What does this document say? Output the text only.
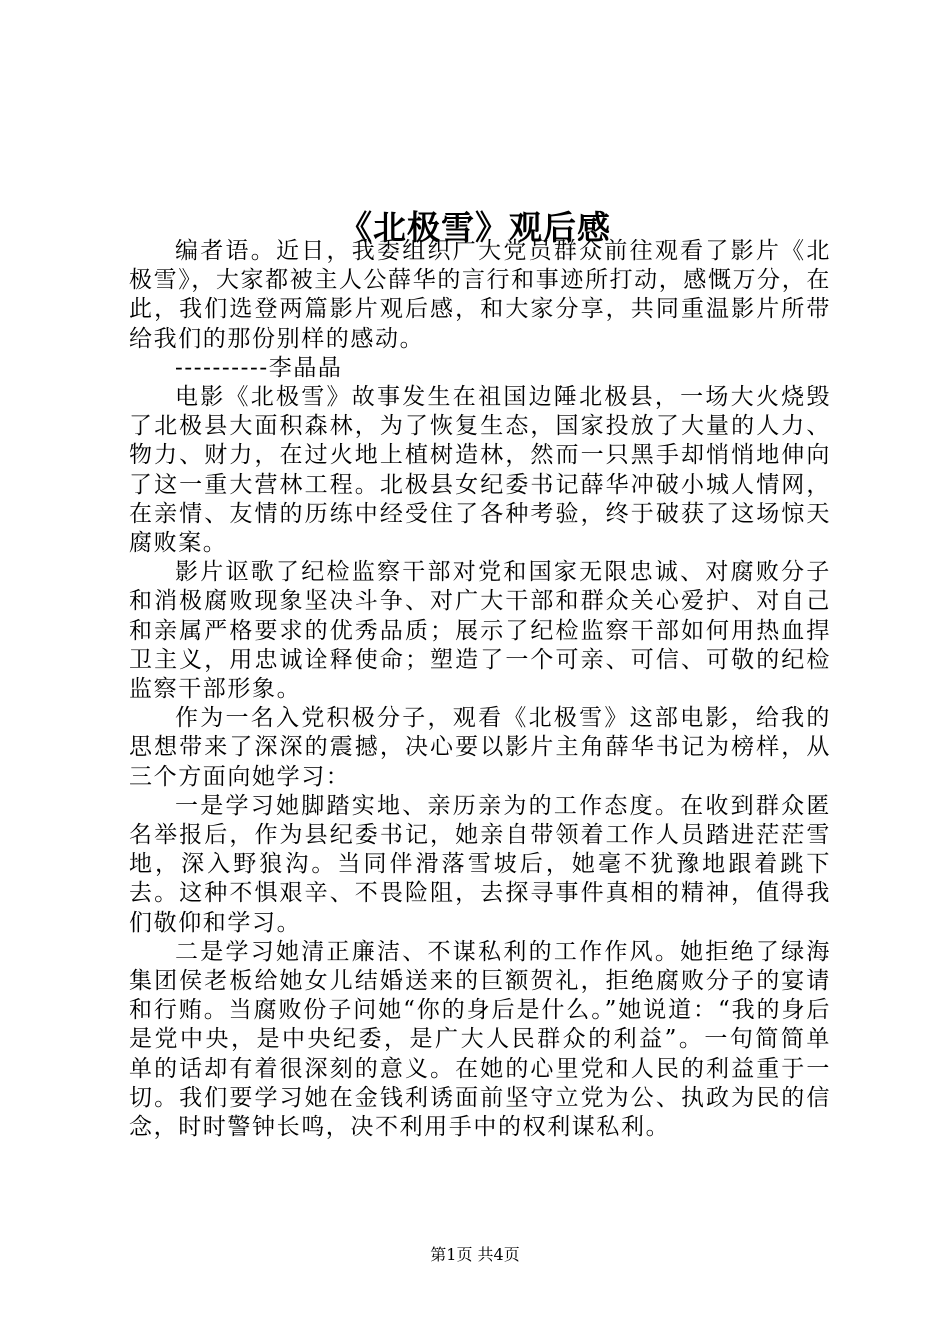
《北极雪》观后感

编者语。近日，我委组织广大党员群众前往观看了影片《北极雪》，大家都被主人公薛华的言行和事迹所打动，感慨万分，在此，我们选登两篇影片观后感，和大家分享，共同重温影片所带给我们的那份别样的感动。

----------李晶晶

电影《北极雪》故事发生在祖国边陲北极县，一场大火烧毁了北极县大面积森林，为了恢复生态，国家投放了大量的人力、物力、财力，在过火地上植树造林，然而一只黑手却悄悄地伸向了这一重大营林工程。北极县女纪委书记薛华冲破小城人情网，在亲情、友情的历练中经受住了各种考验，终于破获了这场惊天腐败案。

影片讴歌了纪检监察干部对党和国家无限忠诚、对腐败分子和消极腐败现象坚决斗争、对广大干部和群众关心爱护、对自己和亲属严格要求的优秀品质；展示了纪检监察干部如何用热血捍卫主义，用忠诚诠释使命；塑造了一个可亲、可信、可敬的纪检监察干部形象。

作为一名入党积极分子，观看《北极雪》这部电影，给我的思想带来了深深的震撼，决心要以影片主角薛华书记为榜样，从三个方面向她学习：

一是学习她脚踏实地、亲历亲为的工作态度。在收到群众匿名举报后，作为县纪委书记，她亲自带领着工作人员踏进茫茫雪地，深入野狼沟。当同伴滑落雪坡后，她毫不犹豫地跟着跳下去。这种不惧艰辛、不畏险阻，去探寻事件真相的精神，值得我们敬仰和学习。

二是学习她清正廉洁、不谋私利的工作作风。她拒绝了绿海集团侯老板给她女儿结婚送来的巨额贺礼，拒绝腐败分子的宴请和行贿。当腐败份子问她“你的身后是什么。”她说道：“我的身后是党中央，是中央纪委，是广大人民群众的利益”。一句简简单单的话却有着很深刻的意义。在她的心里党和人民的利益重于一切。我们要学习她在金钱利诱面前坚守立党为公、执政为民的信念，时时警钟长鸣，决不利用手中的权利谋私利。

第1页 共4页
